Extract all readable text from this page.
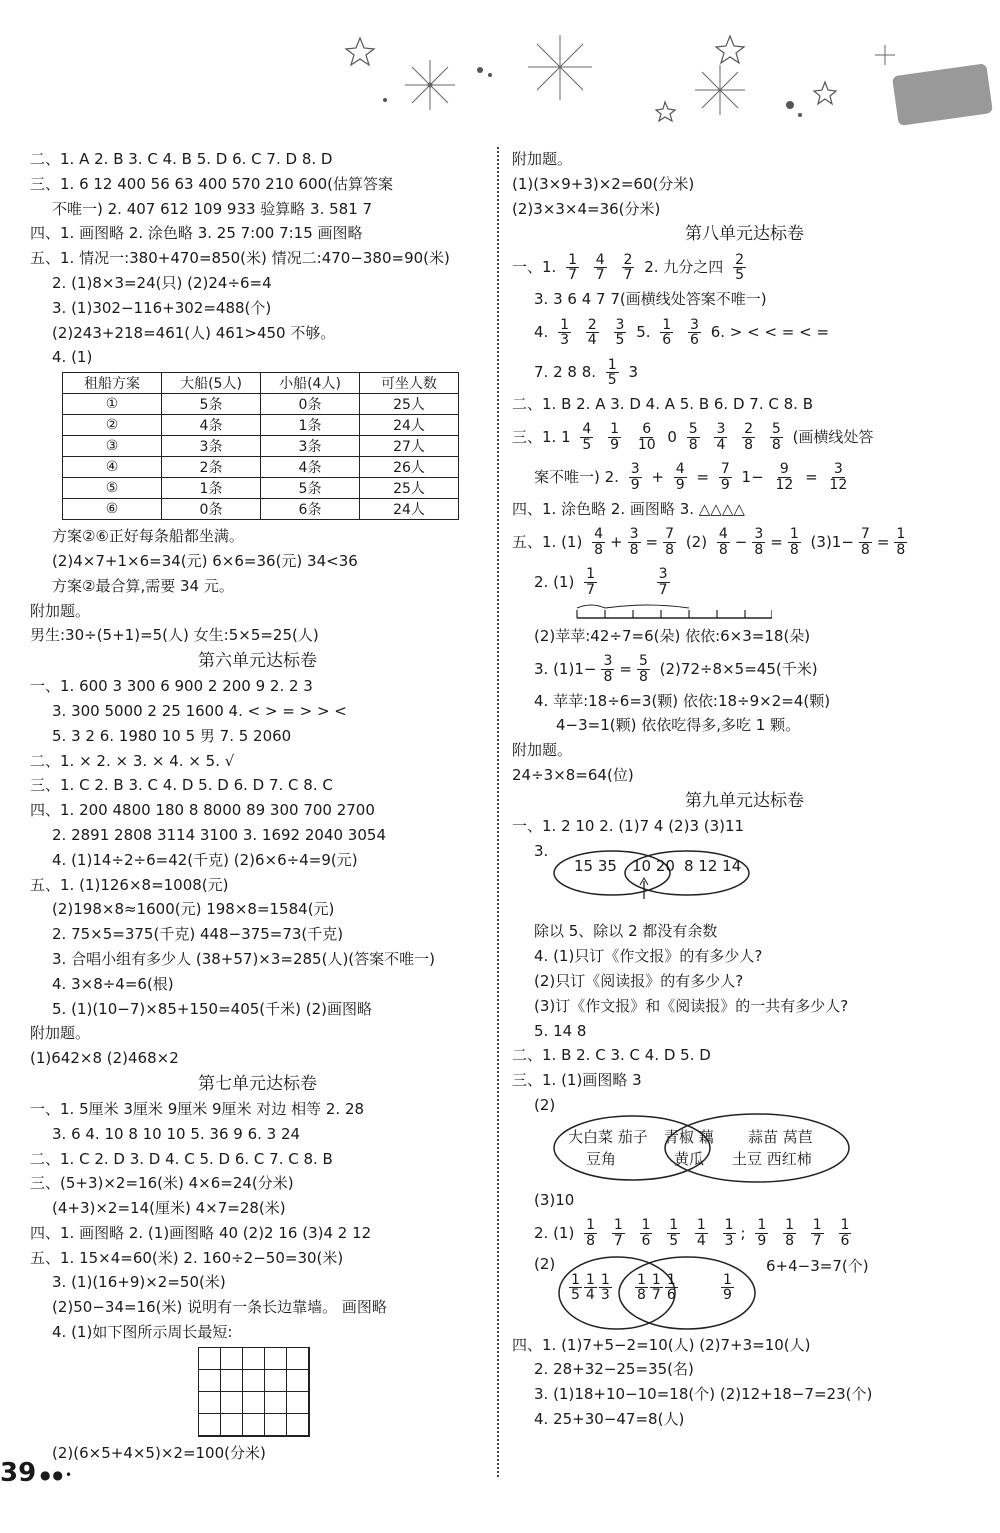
二、1. A 2. B 3. C 4. B 5. D 6. C 7. D 8. D
三、1. 6 12 400 56 63 400 570 210 600(估算答案
不唯一) 2. 407 612 109 933 验算略 3. 581 7
四、1. 画图略 2. 涂色略 3. 25 7:00 7:15 画图略
五、1. 情况一:380+470=850(米) 情况二:470−380=90(米)
2. (1)8×3=24(只) (2)24÷6=4
3. (1)302−116+302=488(个)
(2)243+218=461(人) 461>450 不够。
4. (1)
租船方案	大船(5人)	小船(4人)	可坐人数
①	5条	0条	25人
②	4条	1条	24人
③	3条	3条	27人
④	2条	4条	26人
⑤	1条	5条	25人
⑥	0条	6条	24人
方案②⑥正好每条船都坐满。
(2)4×7+1×6=34(元) 6×6=36(元) 34<36
方案②最合算,需要 34 元。
附加题。
男生:30÷(5+1)=5(人) 女生:5×5=25(人)
第六单元达标卷
一、1. 600 3 300 6 900 2 200 9 2. 2 3
3. 300 5000 2 25 1600 4. < > = > > <
5. 3 2 6. 1980 10 5 男 7. 5 2060
二、1. × 2. × 3. × 4. × 5. √
三、1. C 2. B 3. C 4. D 5. D 6. D 7. C 8. C
四、1. 200 4800 180 8 8000 89 300 700 2700
2. 2891 2808 3114 3100 3. 1692 2040 3054
4. (1)14÷2÷6=42(千克) (2)6×6÷4=9(元)
五、1. (1)126×8=1008(元)
(2)198×8≈1600(元) 198×8=1584(元)
2. 75×5=375(千克) 448−375=73(千克)
3. 合唱小组有多少人 (38+57)×3=285(人)(答案不唯一)
4. 3×8÷4=6(根)
5. (1)(10−7)×85+150=405(千米) (2)画图略
附加题。
(1)642×8 (2)468×2
第七单元达标卷
一、1. 5厘米 3厘米 9厘米 9厘米 对边 相等 2. 28
3. 6 4. 10 8 10 10 5. 36 9 6. 3 24
二、1. C 2. D 3. D 4. C 5. D 6. C 7. C 8. B
三、(5+3)×2=16(米) 4×6=24(分米)
(4+3)×2=14(厘米) 4×7=28(米)
四、1. 画图略 2. (1)画图略 40 (2)2 16 (3)4 2 12
五、1. 15×4=60(米) 2. 160÷2−50=30(米)
3. (1)(16+9)×2=50(米)
(2)50−34=16(米) 说明有一条长边靠墙。 画图略
4. (1)如下图所示周长最短:
(2)(6×5+4×5)×2=100(分米)
39 ●●•
附加题。
(1)(3×9+3)×2=60(分米)
(2)3×3×4=36(分米)
第八单元达标卷
一、1. $\frac{1}{7}$
$\frac{4}{7}$
$\frac{2}{7} 2$. 九分之四 $\frac{2}{5}$
3. 3 6 4 7 7(画横线处答案不唯一)
4. $\frac{1}{3}$
$\frac{2}{4}$
$\frac{3}{5} 5$. $\frac{1}{6}$
$\frac{3}{6} 6$. > < < = < =
7. 2 8 8. $\frac{1}{5} 3$
二、1. B 2. A 3. D 4. A 5. B 6. D 7. C 8. B
三、1. $1 \frac{4}{5}$
$\frac{1}{9}$
$\frac{6}{10} 0 \frac{5}{8}$
$\frac{3}{4}$
$\frac{2}{8}$
$\frac{5}{8}$ (画横线处答
案不唯一) 2. $\frac{3}{9} + \frac{4}{9} = \frac{7}{9} 1- \frac{9}{12} = \frac{3}{12}$
四、1. 涂色略 2. 画图略 3. △△△△
五、1. $(1) \frac{4}{8} + \frac{3}{8} = \frac{7}{8} (2) \frac{4}{8} - \frac{3}{8} = \frac{1}{8} (3)1- \frac{7}{8} = \frac{1}{8}$
2. $(1) \frac{1}{7}$
	$\frac{3}{7}$
(2)苹苹:42÷7=6(朵) 依依:6×3=18(朵)
3. $(1)1- \frac{3}{8} = \frac{5}{8} (2)72\div 8\times 5=45$(千米)
4. 苹苹:18÷6=3(颗) 依依:18÷9×2=4(颗)
4−3=1(颗) 依依吃得多,多吃 1 颗。
附加题。
24÷3×8=64(位)
第九单元达标卷
一、1. 2 10 2. (1)7 4 (2)3 (3)11
3.
15 35 10 20 8 12 14
除以 5、除以 2 都没有余数
4. (1)只订《作文报》的有多少人?
(2)只订《阅读报》的有多少人?
(3)订《作文报》和《阅读报》的一共有多少人?
5. 14 8
二、1. B 2. C 3. C 4. D 5. D
三、1. (1)画图略 3
(2)
大白菜 茄子
豆角
青椒 藕
黄瓜
蒜苗 莴苣
土豆 西红柿
(3)10
2. $(1) \frac{1}{8}$
$\frac{1}{7}$
$\frac{1}{6}$
$\frac{1}{5}$
$\frac{1}{4}$
$\frac{1}{3}$ ; $\frac{1}{9}$
$\frac{1}{8}$
$\frac{1}{7}$
$\frac{1}{6}$
(2)	6+4−3=7(个)
$\frac{1}{5} \frac{1}{4} \frac{1}{3} \frac{1}{8} \frac{1}{7} \frac{1}{6}$	$\frac{1}{9}$
四、1. (1)7+5−2=10(人) (2)7+3=10(人)
2. 28+32−25=35(名)
3. (1)18+10−10=18(个) (2)12+18−7=23(个)
4. 25+30−47=8(人)
